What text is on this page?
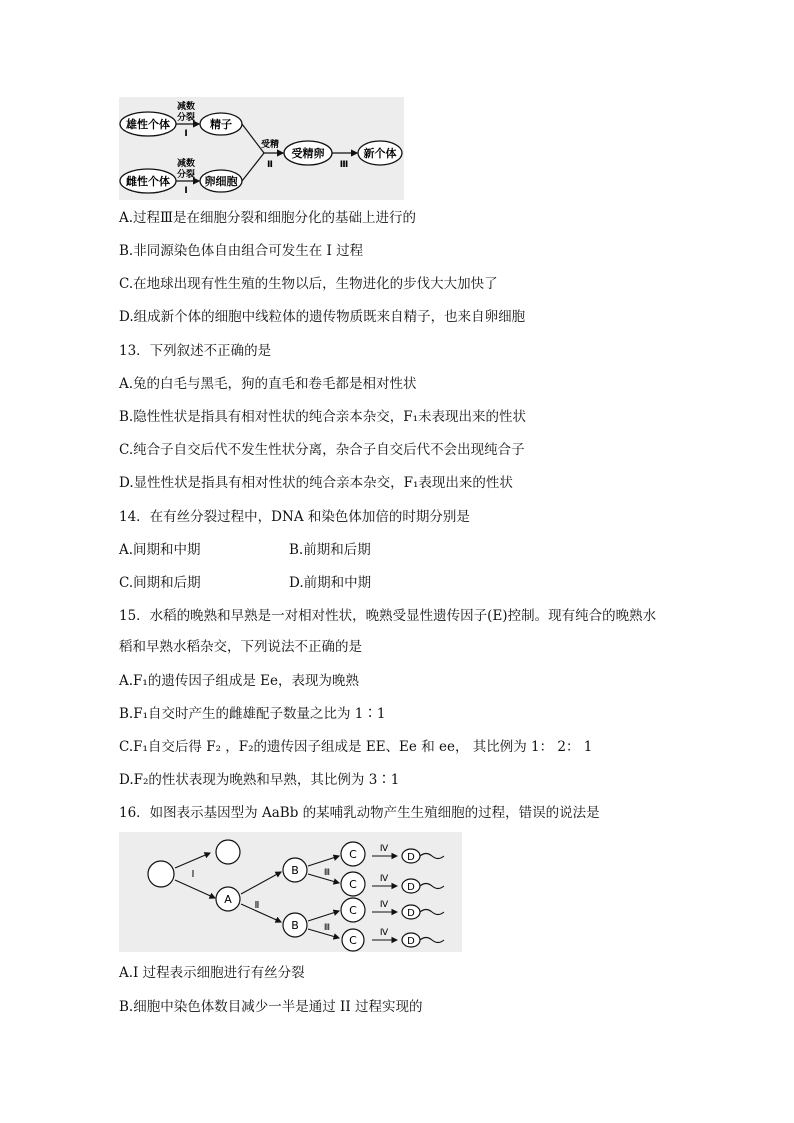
雄性个体
雌性个体
减数
分裂
I
减数
分裂
I
精子
卵细胞
受精
Ⅱ
受精卵
Ⅲ
新个体
A.过程Ⅲ是在细胞分裂和细胞分化的基础上进行的
B.非同源染色体自由组合可发生在 I 过程
C.在地球出现有性生殖的生物以后，生物进化的步伐大大加快了
D.组成新个体的细胞中线粒体的遗传物质既来自精子，也来自卵细胞
13．下列叙述不正确的是
A.兔的白毛与黑毛，狗的直毛和卷毛都是相对性状
B.隐性性状是指具有相对性状的纯合亲本杂交，F₁未表现出来的性状
C.纯合子自交后代不发生性状分离，杂合子自交后代不会出现纯合子
D.显性性状是指具有相对性状的纯合亲本杂交，F₁表现出来的性状
14．在有丝分裂过程中，DNA 和染色体加倍的时期分别是
A.间期和中期	B.前期和后期
C.间期和后期	D.前期和中期
15．水稻的晚熟和早熟是一对相对性状，晚熟受显性遗传因子(E)控制。现有纯合的晚熟水
稻和早熟水稻杂交，下列说法不正确的是
A.F₁的遗传因子组成是 Ee，表现为晚熟
B.F₁自交时产生的雌雄配子数量之比为 1∶1
C.F₁自交后得 F₂ ，F₂的遗传因子组成是 EE、Ee 和 ee， 其比例为 1： 2： 1
D.F₂的性状表现为晚熟和早熟，其比例为 3∶1
16．如图表示基因型为 AaBb 的某哺乳动物产生生殖细胞的过程，错误的说法是
I
A Ⅱ
B
B
Ⅲ
Ⅲ
C
C
C
C
Ⅳ
Ⅳ
Ⅳ
Ⅳ
D
D
D
D
A.I 过程表示细胞进行有丝分裂
B.细胞中染色体数目减少一半是通过 II 过程实现的
